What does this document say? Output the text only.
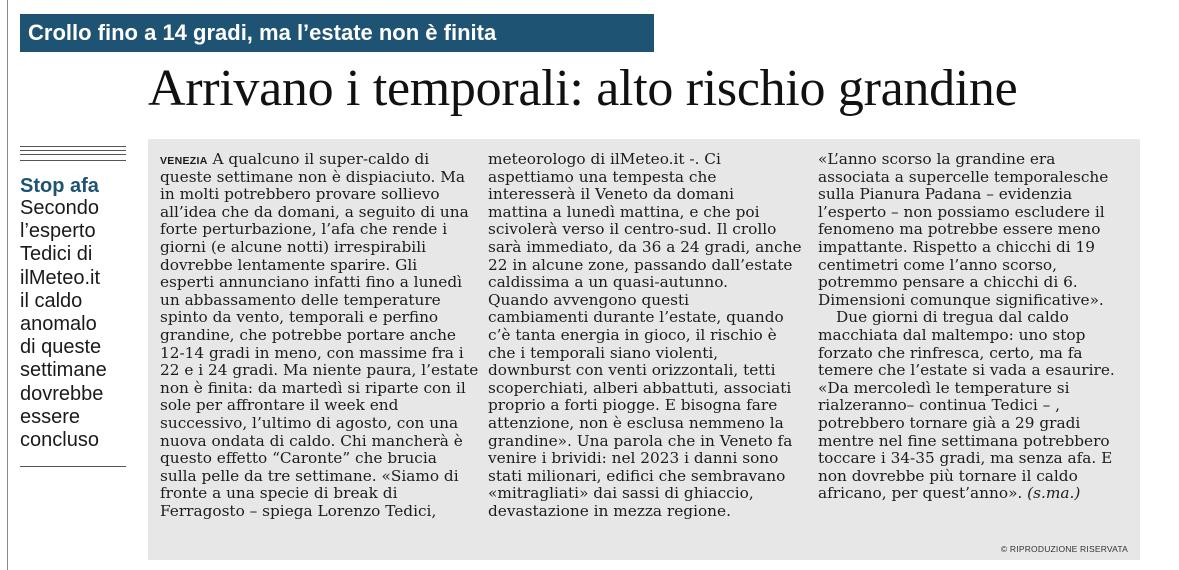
Crollo fino a 14 gradi, ma l’estate non è finita
Arrivano i temporali: alto rischio grandine
Stop afa
Secondo
l’esperto
Tedici di
ilMeteo.it
il caldo
anomalo
di queste
settimane
dovrebbe
essere
concluso
VENEZIA A qualcuno il super-caldo di
queste settimane non è dispiaciuto. Ma
in molti potrebbero provare sollievo
all’idea che da domani, a seguito di una
forte perturbazione, l’afa che rende i
giorni (e alcune notti) irrespirabili
dovrebbe lentamente sparire. Gli
esperti annunciano infatti fino a lunedì
un abbassamento delle temperature
spinto da vento, temporali e perfino
grandine, che potrebbe portare anche
12-14 gradi in meno, con massime fra i
22 e i 24 gradi. Ma niente paura, l’estate
non è finita: da martedì si riparte con il
sole per affrontare il week end
successivo, l’ultimo di agosto, con una
nuova ondata di caldo. Chi mancherà è
questo effetto “Caronte” che brucia
sulla pelle da tre settimane. «Siamo di
fronte a una specie di break di
Ferragosto – spiega Lorenzo Tedici,
meteorologo di ilMeteo.it -. Ci
aspettiamo una tempesta che
interesserà il Veneto da domani
mattina a lunedì mattina, e che poi
scivolerà verso il centro-sud. Il crollo
sarà immediato, da 36 a 24 gradi, anche
22 in alcune zone, passando dall’estate
caldissima a un quasi-autunno.
Quando avvengono questi
cambiamenti durante l’estate, quando
c’è tanta energia in gioco, il rischio è
che i temporali siano violenti,
downburst con venti orizzontali, tetti
scoperchiati, alberi abbattuti, associati
proprio a forti piogge. E bisogna fare
attenzione, non è esclusa nemmeno la
grandine». Una parola che in Veneto fa
venire i brividi: nel 2023 i danni sono
stati milionari, edifici che sembravano
«mitragliati» dai sassi di ghiaccio,
devastazione in mezza regione.
«L’anno scorso la grandine era
associata a supercelle temporalesche
sulla Pianura Padana – evidenzia
l’esperto – non possiamo escludere il
fenomeno ma potrebbe essere meno
impattante. Rispetto a chicchi di 19
centimetri come l’anno scorso,
potremmo pensare a chicchi di 6.
Dimensioni comunque significative».
Due giorni di tregua dal caldo
macchiata dal maltempo: uno stop
forzato che rinfresca, certo, ma fa
temere che l’estate si vada a esaurire.
«Da mercoledì le temperature si
rialzeranno– continua Tedici – ,
potrebbero tornare già a 29 gradi
mentre nel fine settimana potrebbero
toccare i 34-35 gradi, ma senza afa. E
non dovrebbe più tornare il caldo
africano, per quest’anno». (s.ma.)
© RIPRODUZIONE RISERVATA
